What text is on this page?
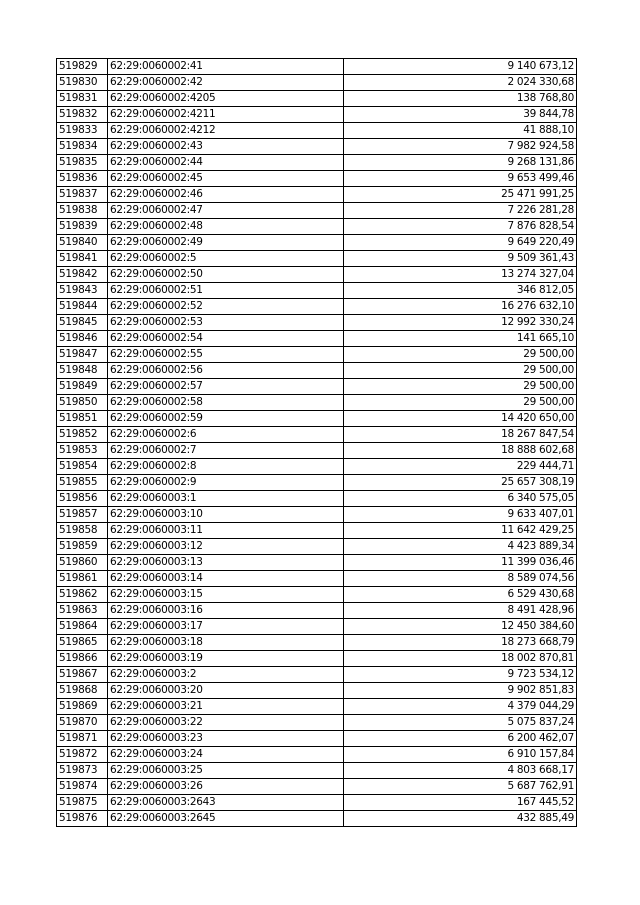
519829	62:29:0060002:41	9 140 673,12
519830	62:29:0060002:42	2 024 330,68
519831	62:29:0060002:4205	138 768,80
519832	62:29:0060002:4211	39 844,78
519833	62:29:0060002:4212	41 888,10
519834	62:29:0060002:43	7 982 924,58
519835	62:29:0060002:44	9 268 131,86
519836	62:29:0060002:45	9 653 499,46
519837	62:29:0060002:46	25 471 991,25
519838	62:29:0060002:47	7 226 281,28
519839	62:29:0060002:48	7 876 828,54
519840	62:29:0060002:49	9 649 220,49
519841	62:29:0060002:5	9 509 361,43
519842	62:29:0060002:50	13 274 327,04
519843	62:29:0060002:51	346 812,05
519844	62:29:0060002:52	16 276 632,10
519845	62:29:0060002:53	12 992 330,24
519846	62:29:0060002:54	141 665,10
519847	62:29:0060002:55	29 500,00
519848	62:29:0060002:56	29 500,00
519849	62:29:0060002:57	29 500,00
519850	62:29:0060002:58	29 500,00
519851	62:29:0060002:59	14 420 650,00
519852	62:29:0060002:6	18 267 847,54
519853	62:29:0060002:7	18 888 602,68
519854	62:29:0060002:8	229 444,71
519855	62:29:0060002:9	25 657 308,19
519856	62:29:0060003:1	6 340 575,05
519857	62:29:0060003:10	9 633 407,01
519858	62:29:0060003:11	11 642 429,25
519859	62:29:0060003:12	4 423 889,34
519860	62:29:0060003:13	11 399 036,46
519861	62:29:0060003:14	8 589 074,56
519862	62:29:0060003:15	6 529 430,68
519863	62:29:0060003:16	8 491 428,96
519864	62:29:0060003:17	12 450 384,60
519865	62:29:0060003:18	18 273 668,79
519866	62:29:0060003:19	18 002 870,81
519867	62:29:0060003:2	9 723 534,12
519868	62:29:0060003:20	9 902 851,83
519869	62:29:0060003:21	4 379 044,29
519870	62:29:0060003:22	5 075 837,24
519871	62:29:0060003:23	6 200 462,07
519872	62:29:0060003:24	6 910 157,84
519873	62:29:0060003:25	4 803 668,17
519874	62:29:0060003:26	5 687 762,91
519875	62:29:0060003:2643	167 445,52
519876	62:29:0060003:2645	432 885,49
